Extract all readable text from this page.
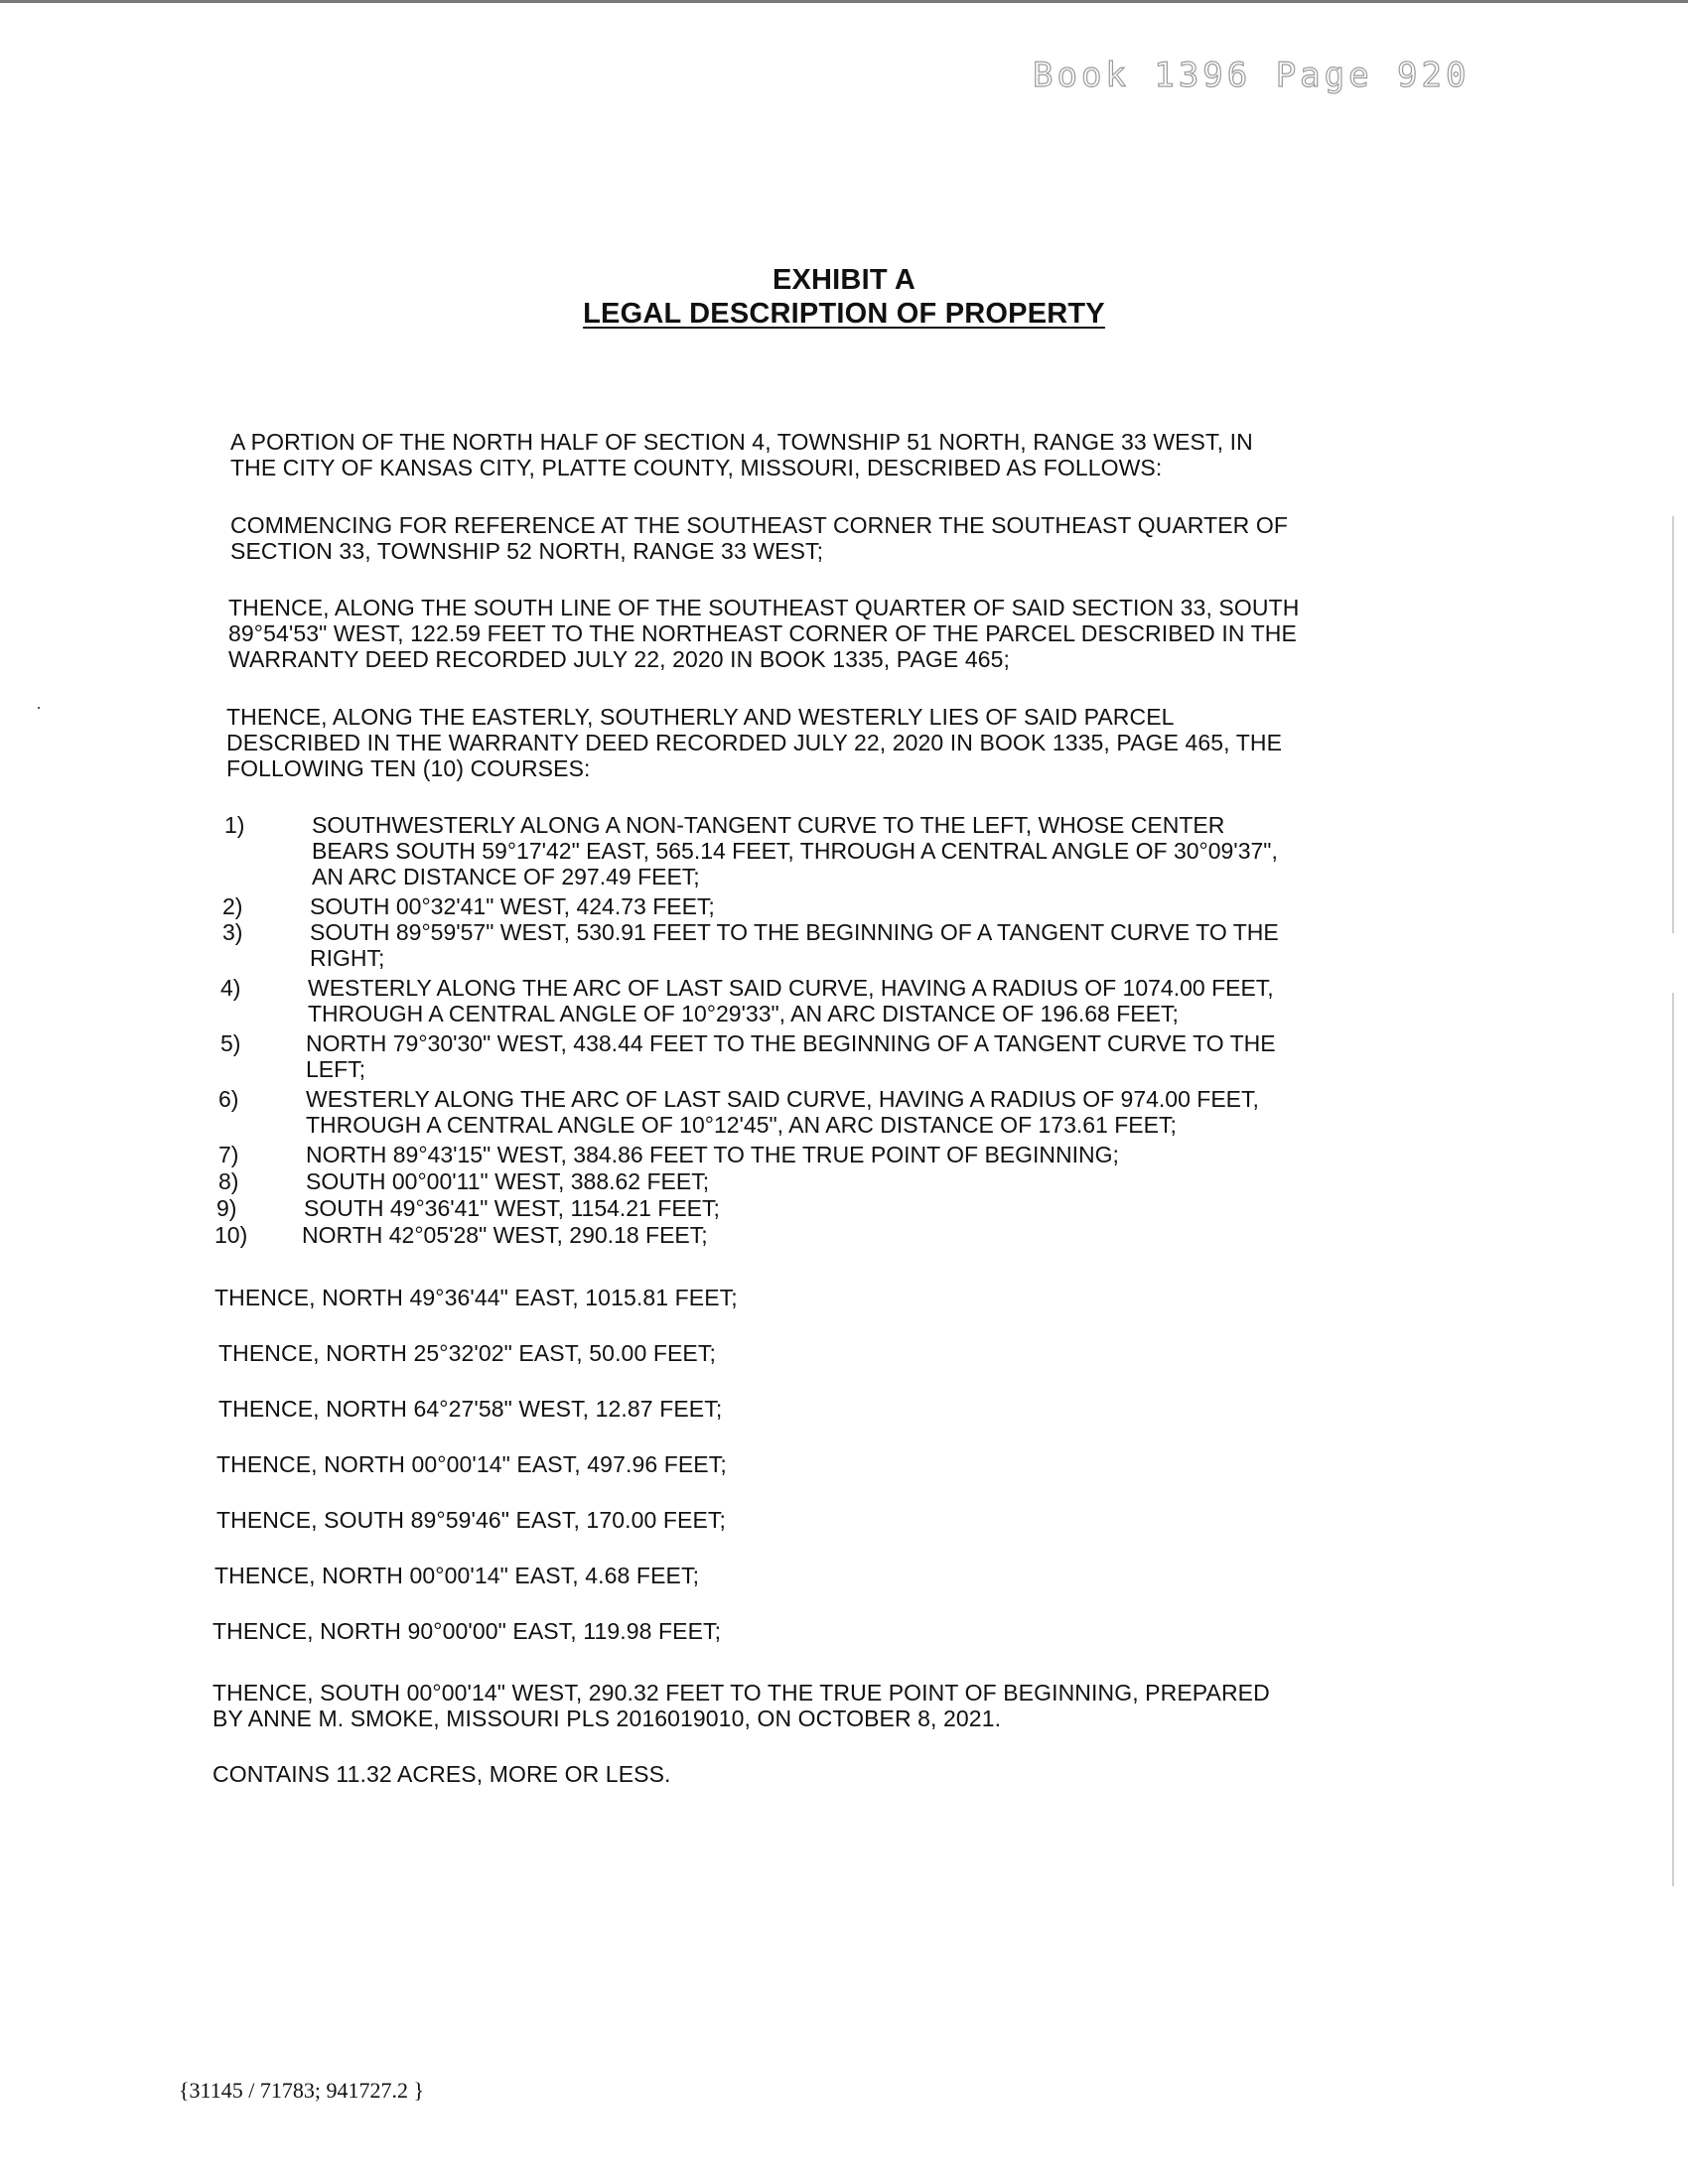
Book 1396 Page 920
EXHIBIT A
LEGAL DESCRIPTION OF PROPERTY
A PORTION OF THE NORTH HALF OF SECTION 4, TOWNSHIP 51 NORTH, RANGE 33 WEST, IN
THE CITY OF KANSAS CITY, PLATTE COUNTY, MISSOURI, DESCRIBED AS FOLLOWS:
COMMENCING FOR REFERENCE AT THE SOUTHEAST CORNER THE SOUTHEAST QUARTER OF
SECTION 33, TOWNSHIP 52 NORTH, RANGE 33 WEST;
THENCE, ALONG THE SOUTH LINE OF THE SOUTHEAST QUARTER OF SAID SECTION 33, SOUTH
89°54'53" WEST, 122.59 FEET TO THE NORTHEAST CORNER OF THE PARCEL DESCRIBED IN THE
WARRANTY DEED RECORDED JULY 22, 2020 IN BOOK 1335, PAGE 465;
THENCE, ALONG THE EASTERLY, SOUTHERLY AND WESTERLY LIES OF SAID PARCEL
DESCRIBED IN THE WARRANTY DEED RECORDED JULY 22, 2020 IN BOOK 1335, PAGE 465, THE
FOLLOWING TEN (10) COURSES:
1)	SOUTHWESTERLY ALONG A NON-TANGENT CURVE TO THE LEFT, WHOSE CENTER
BEARS SOUTH 59°17'42" EAST, 565.14 FEET, THROUGH A CENTRAL ANGLE OF 30°09'37",
AN ARC DISTANCE OF 297.49 FEET;
2)	SOUTH 00°32'41" WEST, 424.73 FEET;
3)	SOUTH 89°59'57" WEST, 530.91 FEET TO THE BEGINNING OF A TANGENT CURVE TO THE
RIGHT;
4)	WESTERLY ALONG THE ARC OF LAST SAID CURVE, HAVING A RADIUS OF 1074.00 FEET,
THROUGH A CENTRAL ANGLE OF 10°29'33", AN ARC DISTANCE OF 196.68 FEET;
5)	NORTH 79°30'30" WEST, 438.44 FEET TO THE BEGINNING OF A TANGENT CURVE TO THE
LEFT;
6)	WESTERLY ALONG THE ARC OF LAST SAID CURVE, HAVING A RADIUS OF 974.00 FEET,
THROUGH A CENTRAL ANGLE OF 10°12'45", AN ARC DISTANCE OF 173.61 FEET;
7)	NORTH 89°43'15" WEST, 384.86 FEET TO THE TRUE POINT OF BEGINNING;
8)	SOUTH 00°00'11" WEST, 388.62 FEET;
9)	SOUTH 49°36'41" WEST, 1154.21 FEET;
10) NORTH 42°05'28" WEST, 290.18 FEET;
THENCE, NORTH 49°36'44" EAST, 1015.81 FEET;
THENCE, NORTH 25°32'02" EAST, 50.00 FEET;
THENCE, NORTH 64°27'58" WEST, 12.87 FEET;
THENCE, NORTH 00°00'14" EAST, 497.96 FEET;
THENCE, SOUTH 89°59'46" EAST, 170.00 FEET;
THENCE, NORTH 00°00'14" EAST, 4.68 FEET;
THENCE, NORTH 90°00'00" EAST, 119.98 FEET;
THENCE, SOUTH 00°00'14" WEST, 290.32 FEET TO THE TRUE POINT OF BEGINNING, PREPARED
BY ANNE M. SMOKE, MISSOURI PLS 2016019010, ON OCTOBER 8, 2021.
CONTAINS 11.32 ACRES, MORE OR LESS.
{31145 / 71783; 941727.2 }
